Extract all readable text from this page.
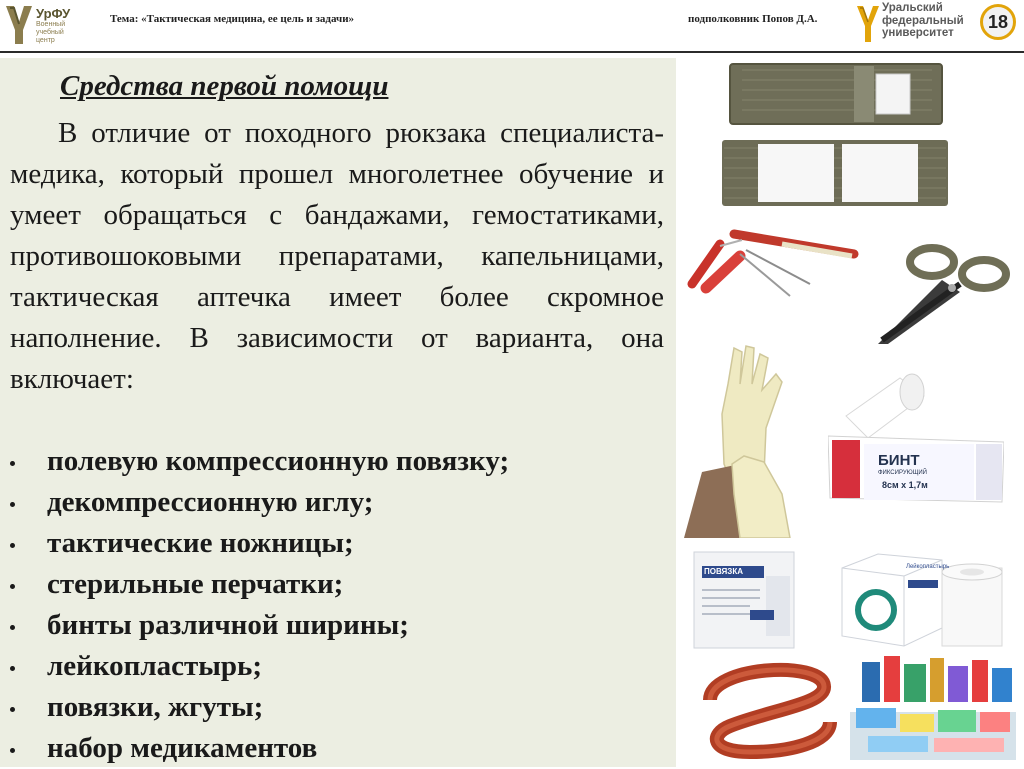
УрФУ
Военный учебный центр
Тема: «Тактическая медицина, ее цель и задачи»	подполковник Попов Д.А.
Уральский
федеральный
университет
18
Средства первой помощи

В отличие от походного рюкзака специалиста-медика, который прошел многолетнее обучение и умеет обращаться с бандажами, гемостатиками, противошоковыми препаратами, капельницами, тактическая аптечка имеет более скромное наполнение. В зависимости от варианта, она включает:

полевую компрессионную повязку;
декомпрессионную иглу;
тактические ножницы;
стерильные перчатки;
бинты различной ширины;
лейкопластырь;
повязки, жгуты;
набор медикаментов
БИНТ
ФИКСИРУЮЩИЙ
8см х 1,7м
ПОВЯЗКА	Лейкопластырь
